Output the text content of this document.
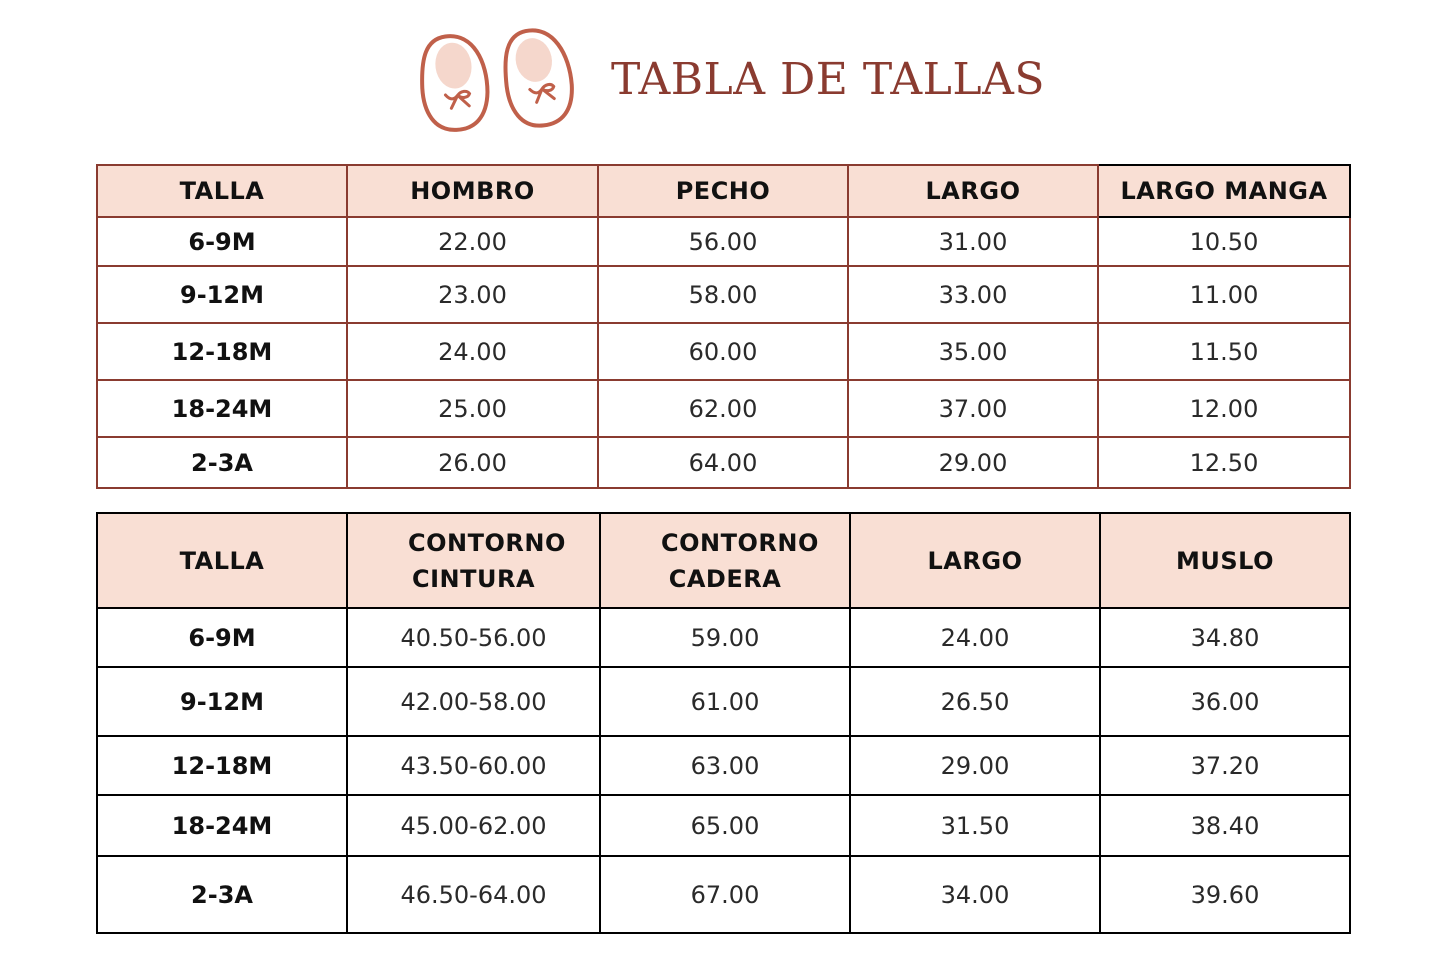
TABLA DE TALLAS
TALLA	HOMBRO	PECHO	LARGO	LARGO MANGA
6-9M	22.00	56.00	31.00	10.50
9-12M	23.00	58.00	33.00	11.00
12-18M	24.00	60.00	35.00	11.50
18-24M	25.00	62.00	37.00	12.00
2-3A	26.00	64.00	29.00	12.50
TALLA	CONTORNO CINTURA	CONTORNO CADERA	LARGO	MUSLO
6-9M	40.50-56.00	59.00	24.00	34.80
9-12M	42.00-58.00	61.00	26.50	36.00
12-18M	43.50-60.00	63.00	29.00	37.20
18-24M	45.00-62.00	65.00	31.50	38.40
2-3A	46.50-64.00	67.00	34.00	39.60
